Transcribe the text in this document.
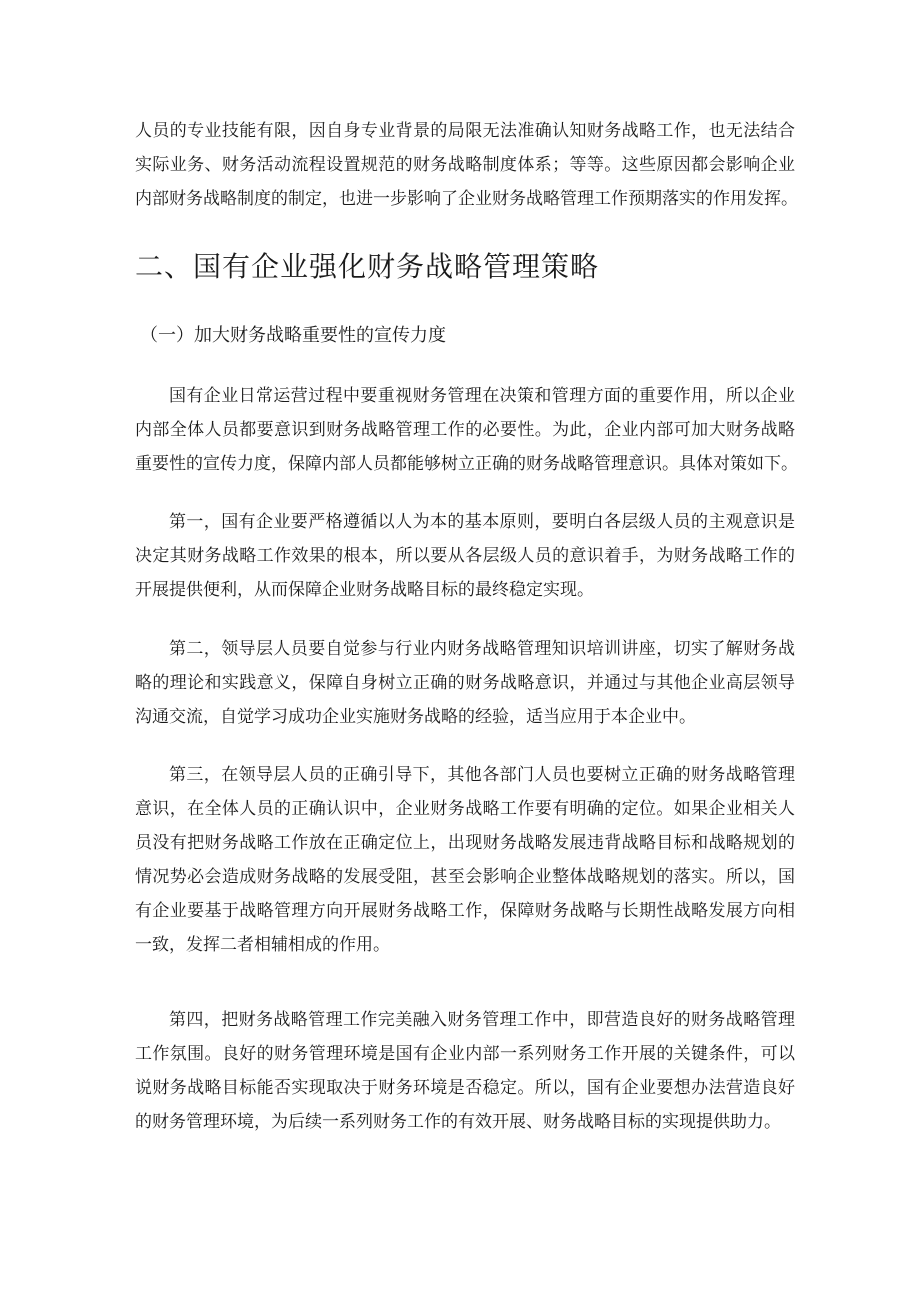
人员的专业技能有限，因自身专业背景的局限无法准确认知财务战略工作，也无法结合
实际业务、财务活动流程设置规范的财务战略制度体系；等等。这些原因都会影响企业
内部财务战略制度的制定，也进一步影响了企业财务战略管理工作预期落实的作用发挥。
二、国有企业强化财务战略管理策略
（一）加大财务战略重要性的宣传力度
国有企业日常运营过程中要重视财务管理在决策和管理方面的重要作用，所以企业
内部全体人员都要意识到财务战略管理工作的必要性。为此，企业内部可加大财务战略
重要性的宣传力度，保障内部人员都能够树立正确的财务战略管理意识。具体对策如下。
第一，国有企业要严格遵循以人为本的基本原则，要明白各层级人员的主观意识是
决定其财务战略工作效果的根本，所以要从各层级人员的意识着手，为财务战略工作的
开展提供便利，从而保障企业财务战略目标的最终稳定实现。
第二，领导层人员要自觉参与行业内财务战略管理知识培训讲座，切实了解财务战
略的理论和实践意义，保障自身树立正确的财务战略意识，并通过与其他企业高层领导
沟通交流，自觉学习成功企业实施财务战略的经验，适当应用于本企业中。
第三，在领导层人员的正确引导下，其他各部门人员也要树立正确的财务战略管理
意识，在全体人员的正确认识中，企业财务战略工作要有明确的定位。如果企业相关人
员没有把财务战略工作放在正确定位上，出现财务战略发展违背战略目标和战略规划的
情况势必会造成财务战略的发展受阻，甚至会影响企业整体战略规划的落实。所以，国
有企业要基于战略管理方向开展财务战略工作，保障财务战略与长期性战略发展方向相
一致，发挥二者相辅相成的作用。
第四，把财务战略管理工作完美融入财务管理工作中，即营造良好的财务战略管理
工作氛围。良好的财务管理环境是国有企业内部一系列财务工作开展的关键条件，可以
说财务战略目标能否实现取决于财务环境是否稳定。所以，国有企业要想办法营造良好
的财务管理环境，为后续一系列财务工作的有效开展、财务战略目标的实现提供助力。
